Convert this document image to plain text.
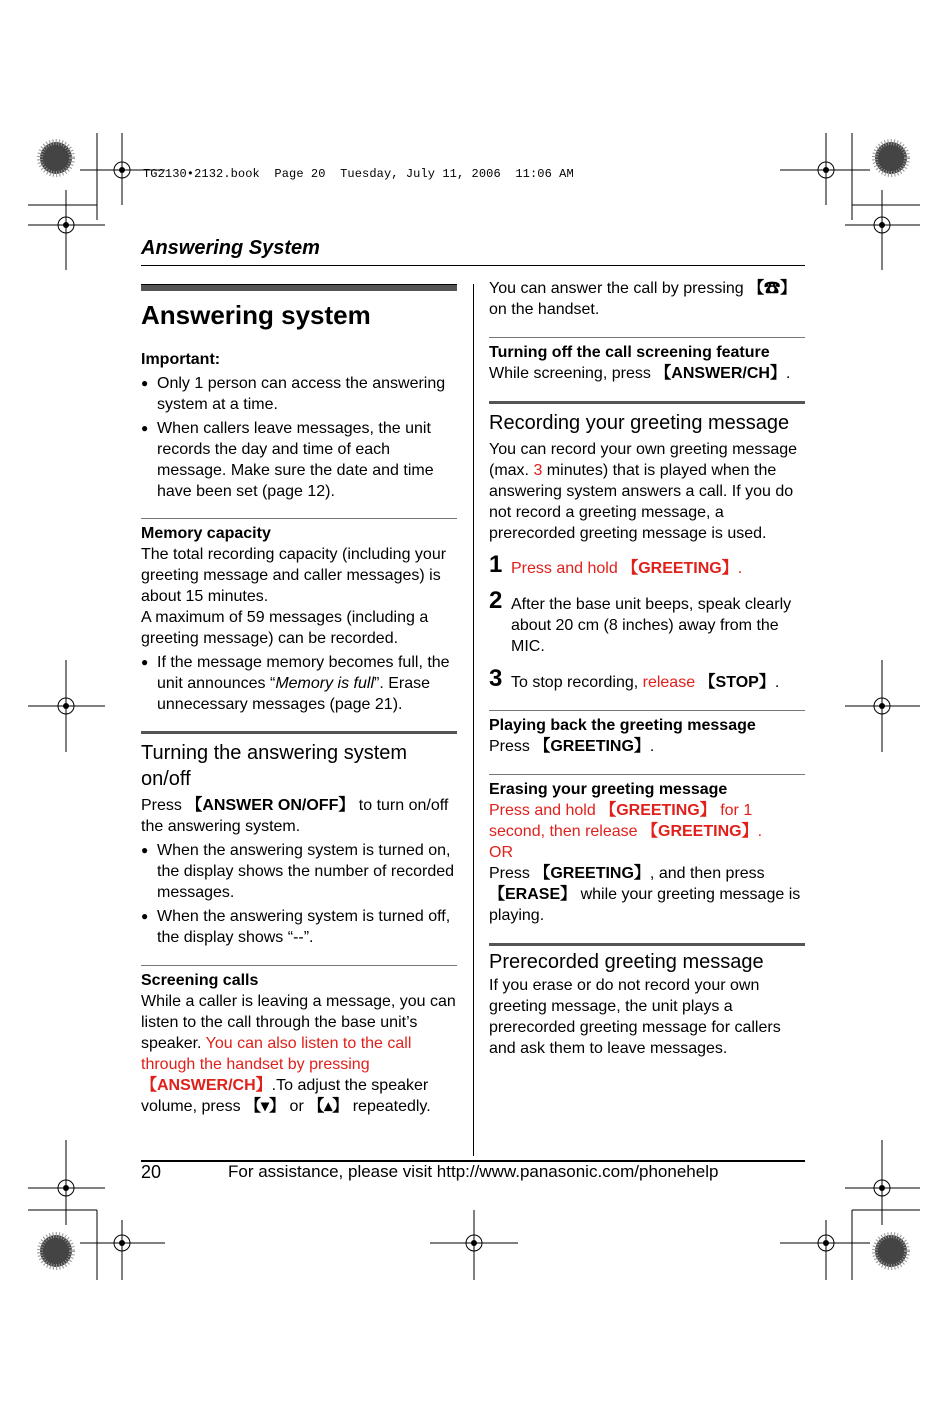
TG2130•2132.book  Page 20  Tuesday, July 11, 2006  11:06 AM
Answering System
Answering system

Important:

● Only 1 person can access the answering system at a time.

● When callers leave messages, the unit records the day and time of each message. Make sure the date and time have been set (page 12).

Memory capacity

The total recording capacity (including your greeting message and caller messages) is about 15 minutes.

A maximum of 59 messages (including a greeting message) can be recorded.

● If the message memory becomes full, the unit announces “Memory is full”. Erase unnecessary messages (page 21).

Turning the answering system on/off

Press 【ANSWER ON/OFF】 to turn on/off the answering system.

● When the answering system is turned on, the display shows the number of recorded messages.

● When the answering system is turned off, the display shows “--”.

Screening calls

While a caller is leaving a message, you can listen to the call through the base unit’s speaker. You can also listen to the call through the handset by pressing 【ANSWER/CH】.To adjust the speaker volume, press 【▾】 or 【▴】 repeatedly.

You can answer the call by pressing 【☎】 on the handset.

Turning off the call screening feature

While screening, press 【ANSWER/CH】.

Recording your greeting message

You can record your own greeting message (max. 3 minutes) that is played when the answering system answers a call. If you do not record a greeting message, a prerecorded greeting message is used.

1 Press and hold 【GREETING】.

2 After the base unit beeps, speak clearly about 20 cm (8 inches) away from the MIC.

3 To stop recording, release 【STOP】.

Playing back the greeting message

Press 【GREETING】.

Erasing your greeting message

Press and hold 【GREETING】 for 1 second, then release 【GREETING】.

OR

Press 【GREETING】, and then press 【ERASE】 while your greeting message is playing.

Prerecorded greeting message

If you erase or do not record your own greeting message, the unit plays a prerecorded greeting message for callers and ask them to leave messages.

20	For assistance, please visit http://www.panasonic.com/phonehelp
